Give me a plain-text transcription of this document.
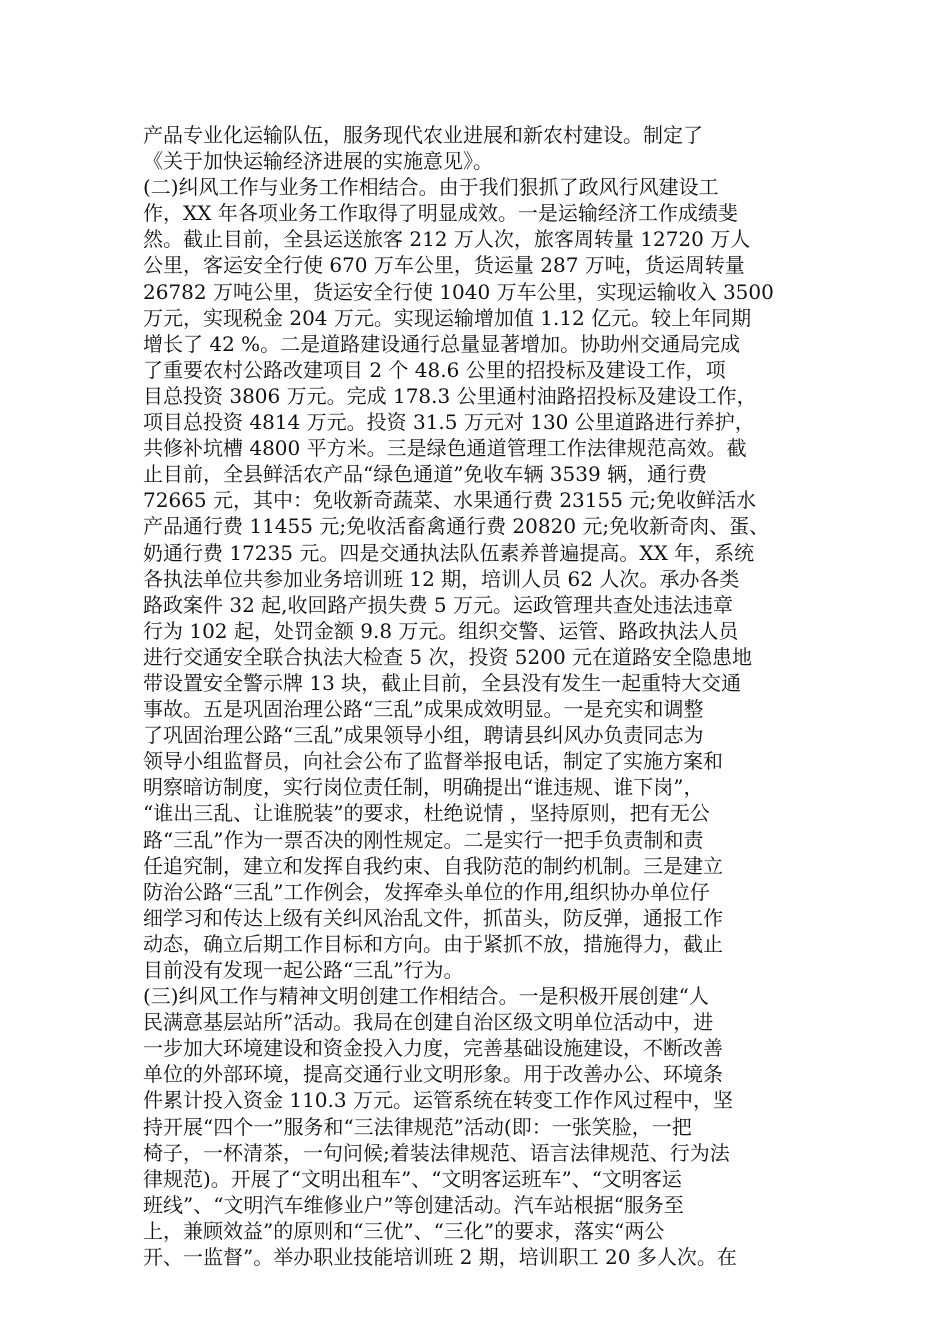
产品专业化运输队伍，服务现代农业进展和新农村建设。制定了
《关于加快运输经济进展的实施意见》。
(二)纠风工作与业务工作相结合。由于我们狠抓了政风行风建设工
作，XX 年各项业务工作取得了明显成效。一是运输经济工作成绩斐
然。截止目前，全县运送旅客 212 万人次，旅客周转量 12720 万人
公里，客运安全行使 670 万车公里，货运量 287 万吨，货运周转量
26782 万吨公里，货运安全行使 1040 万车公里，实现运输收入 3500
万元，实现税金 204 万元。实现运输增加值 1.12 亿元。较上年同期
增长了 42 %。二是道路建设通行总量显著增加。协助州交通局完成
了重要农村公路改建项目 2 个 48.6 公里的招投标及建设工作，项
目总投资 3806 万元。完成 178.3 公里通村油路招投标及建设工作，
项目总投资 4814 万元。投资 31.5 万元对 130 公里道路进行养护，
共修补坑槽 4800 平方米。三是绿色通道管理工作法律规范高效。截
止目前，全县鲜活农产品“绿色通道”免收车辆 3539 辆，通行费
72665 元，其中：免收新奇蔬菜、水果通行费 23155 元;免收鲜活水
产品通行费 11455 元;免收活畜禽通行费 20820 元;免收新奇肉、蛋、
奶通行费 17235 元。四是交通执法队伍素养普遍提高。XX 年，系统
各执法单位共参加业务培训班 12 期，培训人员 62 人次。承办各类
路政案件 32 起,收回路产损失费 5 万元。运政管理共查处违法违章
行为 102 起，处罚金额 9.8 万元。组织交警、运管、路政执法人员
进行交通安全联合执法大检查 5 次，投资 5200 元在道路安全隐患地
带设置安全警示牌 13 块，截止目前，全县没有发生一起重特大交通
事故。五是巩固治理公路“三乱”成果成效明显。一是充实和调整
了巩固治理公路“三乱”成果领导小组，聘请县纠风办负责同志为
领导小组监督员，向社会公布了监督举报电话，制定了实施方案和
明察暗访制度，实行岗位责任制，明确提出“谁违规、谁下岗”，
“谁出三乱、让谁脱装”的要求，杜绝说情 ，坚持原则，把有无公
路“三乱”作为一票否决的刚性规定。二是实行一把手负责制和责
任追究制，建立和发挥自我约束、自我防范的制约机制。三是建立
防治公路“三乱”工作例会，发挥牵头单位的作用,组织协办单位仔
细学习和传达上级有关纠风治乱文件，抓苗头，防反弹，通报工作
动态，确立后期工作目标和方向。由于紧抓不放，措施得力，截止
目前没有发现一起公路“三乱”行为。
(三)纠风工作与精神文明创建工作相结合。一是积极开展创建“人
民满意基层站所”活动。我局在创建自治区级文明单位活动中，进
一步加大环境建设和资金投入力度，完善基础设施建设，不断改善
单位的外部环境，提高交通行业文明形象。用于改善办公、环境条
件累计投入资金 110.3 万元。运管系统在转变工作作风过程中，坚
持开展“四个一”服务和“三法律规范”活动(即：一张笑脸，一把
椅子，一杯清茶，一句问候;着装法律规范、语言法律规范、行为法
律规范)。开展了“文明出租车”、“文明客运班车”、“文明客运
班线”、“文明汽车维修业户”等创建活动。汽车站根据“服务至
上，兼顾效益”的原则和“三优”、“三化”的要求，落实“两公
开、一监督”。举办职业技能培训班 2 期，培训职工 20 多人次。在
